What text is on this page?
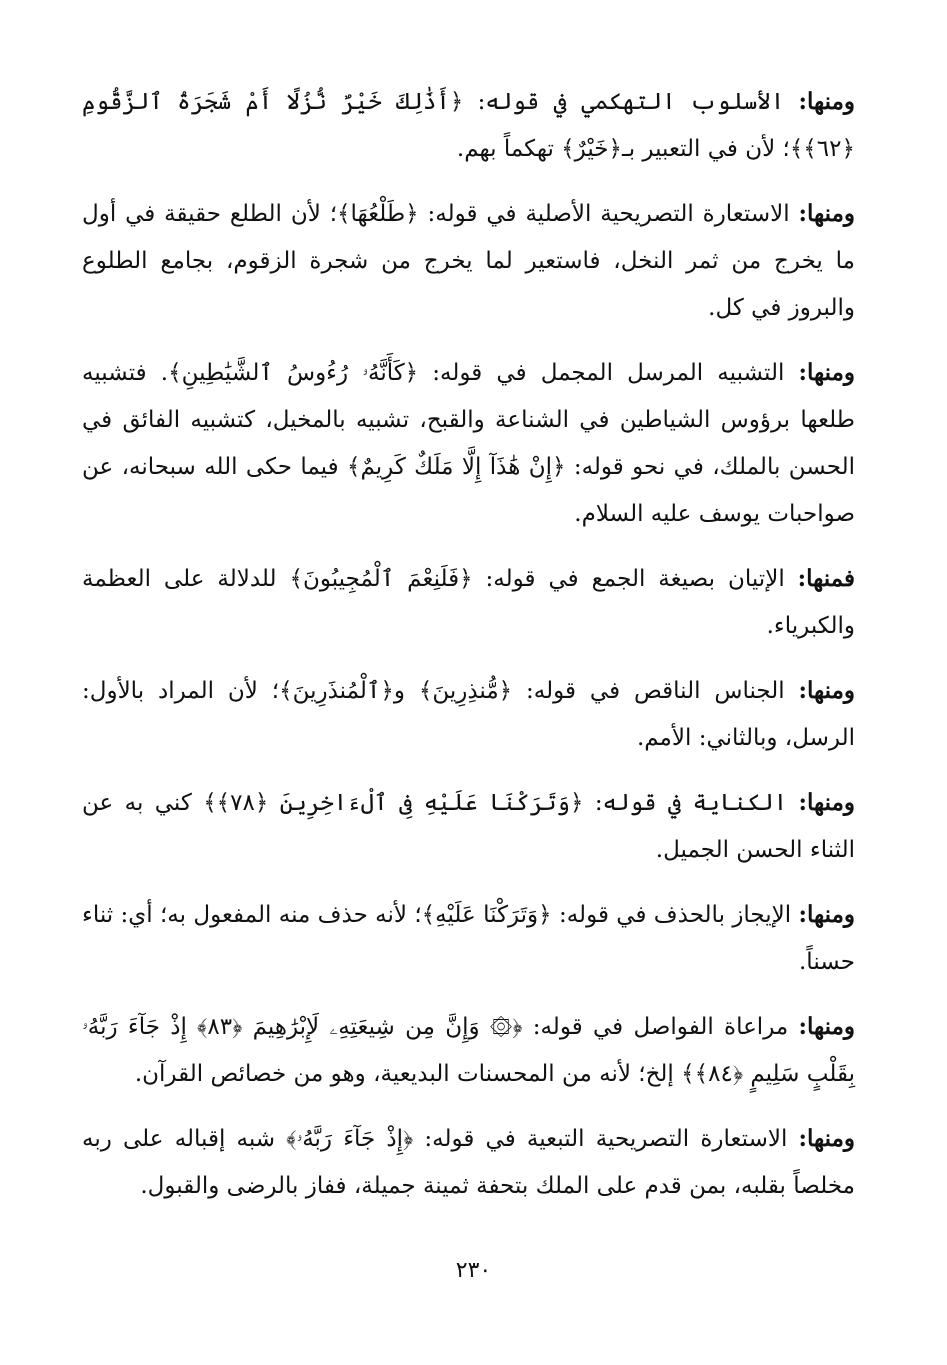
ومنها: الأسلوب التهكمي في قوله: ﴿أَذَٰلِكَ خَيْرٌ نُّزُلًا أَمْ شَجَرَةُ ٱلزَّقُّومِ ﴿٦٢﴾﴾؛ لأن في التعبير بـ﴿خَيْرٌ﴾ تهكماً بهم.

ومنها: الاستعارة التصريحية الأصلية في قوله: ﴿طَلْعُهَا﴾؛ لأن الطلع حقيقة في أول ما يخرج من ثمر النخل، فاستعير لما يخرج من شجرة الزقوم، بجامع الطلوع والبروز في كل.

ومنها: التشبيه المرسل المجمل في قوله: ﴿كَأَنَّهُۥ رُءُوسُ ٱلشَّيَٰطِينِ﴾. فتشبيه طلعها برؤوس الشياطين في الشناعة والقبح، تشبيه بالمخيل، كتشبيه الفائق في الحسن بالملك، في نحو قوله: ﴿إِنْ هَٰذَآ إِلَّا مَلَكٌ كَرِيمٌ﴾ فيما حكى الله سبحانه، عن صواحبات يوسف عليه السلام.

فمنها: الإتيان بصيغة الجمع في قوله: ﴿فَلَنِعْمَ ٱلْمُجِيبُونَ﴾ للدلالة على العظمة والكبرياء.

ومنها: الجناس الناقص في قوله: ﴿مُّنذِرِينَ﴾ و﴿ٱلْمُنذَرِينَ﴾؛ لأن المراد بالأول: الرسل، وبالثاني: الأمم.

ومنها: الكناية في قوله: ﴿وَتَرَكْنَا عَلَيْهِ فِى ٱلْءَاخِرِينَ ﴿٧٨﴾﴾ كني به عن الثناء الحسن الجميل.

ومنها: الإيجاز بالحذف في قوله: ﴿وَتَرَكْنَا عَلَيْهِ﴾؛ لأنه حذف منه المفعول به؛ أي: ثناء حسناً.

ومنها: مراعاة الفواصل في قوله: ﴿۞ وَإِنَّ مِن شِيعَتِهِۦ لَإِبْرَٰهِيمَ ﴿٨٣﴾ إِذْ جَآءَ رَبَّهُۥ بِقَلْبٍ سَلِيمٍ ﴿٨٤﴾﴾ إلخ؛ لأنه من المحسنات البديعية، وهو من خصائص القرآن.

ومنها: الاستعارة التصريحية التبعية في قوله: ﴿إِذْ جَآءَ رَبَّهُۥ﴾ شبه إقباله على ربه مخلصاً بقلبه، بمن قدم على الملك بتحفة ثمينة جميلة، ففاز بالرضى والقبول.

٢٣٠
